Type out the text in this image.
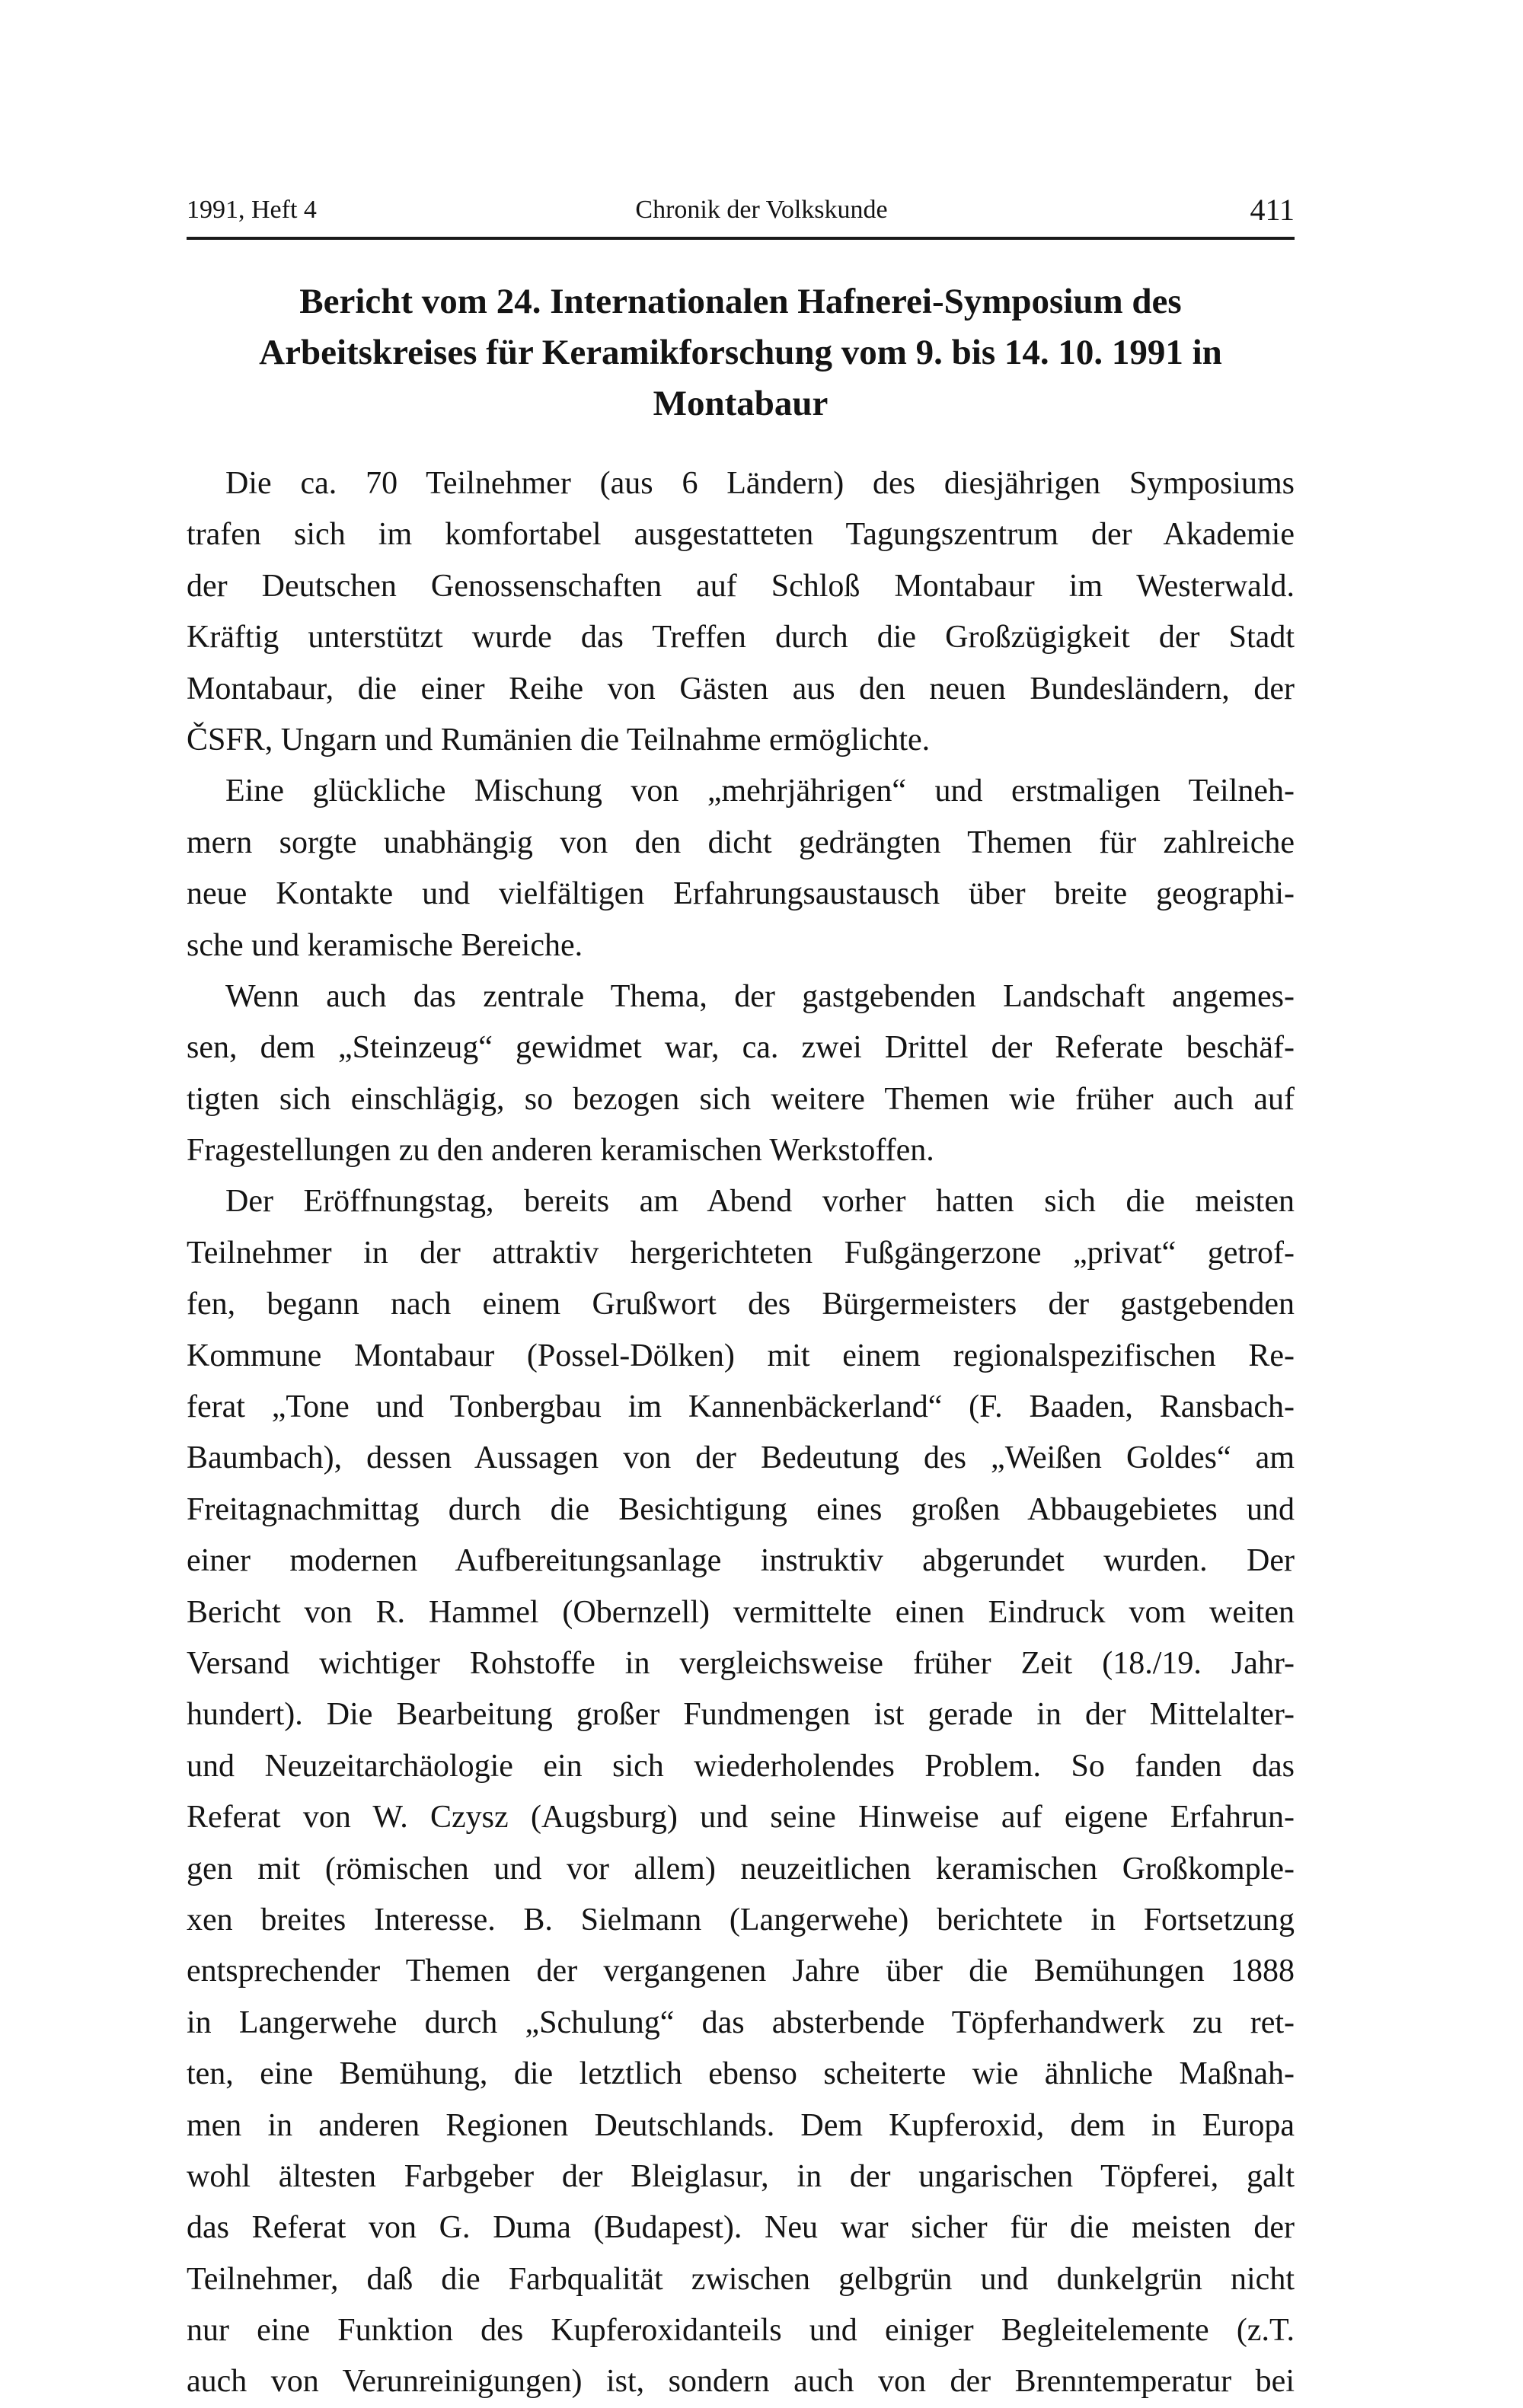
1991, Heft 4	Chronik der Volkskunde	411
Bericht vom 24. Internationalen Hafnerei-Symposium des
Arbeitskreises für Keramikforschung vom 9. bis 14. 10. 1991 in
Montabaur
Die ca. 70 Teilnehmer (aus 6 Ländern) des diesjährigen Symposiums
trafen sich im komfortabel ausgestatteten Tagungszentrum der Akademie
der Deutschen Genossenschaften auf Schloß Montabaur im Westerwald.
Kräftig unterstützt wurde das Treffen durch die Großzügigkeit der Stadt
Montabaur, die einer Reihe von Gästen aus den neuen Bundesländern, der
ČSFR, Ungarn und Rumänien die Teilnahme ermöglichte.
Eine glückliche Mischung von „mehrjährigen“ und erstmaligen Teilneh-
mern sorgte unabhängig von den dicht gedrängten Themen für zahlreiche
neue Kontakte und vielfältigen Erfahrungsaustausch über breite geographi-
sche und keramische Bereiche.
Wenn auch das zentrale Thema, der gastgebenden Landschaft angemes-
sen, dem „Steinzeug“ gewidmet war, ca. zwei Drittel der Referate beschäf-
tigten sich einschlägig, so bezogen sich weitere Themen wie früher auch auf
Fragestellungen zu den anderen keramischen Werkstoffen.
Der Eröffnungstag, bereits am Abend vorher hatten sich die meisten
Teilnehmer in der attraktiv hergerichteten Fußgängerzone „privat“ getrof-
fen, begann nach einem Grußwort des Bürgermeisters der gastgebenden
Kommune Montabaur (Possel-Dölken) mit einem regionalspezifischen Re-
ferat „Tone und Tonbergbau im Kannenbäckerland“ (F. Baaden, Ransbach-
Baumbach), dessen Aussagen von der Bedeutung des „Weißen Goldes“ am
Freitagnachmittag durch die Besichtigung eines großen Abbaugebietes und
einer modernen Aufbereitungsanlage instruktiv abgerundet wurden. Der
Bericht von R. Hammel (Obernzell) vermittelte einen Eindruck vom weiten
Versand wichtiger Rohstoffe in vergleichsweise früher Zeit (18./19. Jahr-
hundert). Die Bearbeitung großer Fundmengen ist gerade in der Mittelalter-
und Neuzeitarchäologie ein sich wiederholendes Problem. So fanden das
Referat von W. Czysz (Augsburg) und seine Hinweise auf eigene Erfahrun-
gen mit (römischen und vor allem) neuzeitlichen keramischen Großkomple-
xen breites Interesse. B. Sielmann (Langerwehe) berichtete in Fortsetzung
entsprechender Themen der vergangenen Jahre über die Bemühungen 1888
in Langerwehe durch „Schulung“ das absterbende Töpferhandwerk zu ret-
ten, eine Bemühung, die letztlich ebenso scheiterte wie ähnliche Maßnah-
men in anderen Regionen Deutschlands. Dem Kupferoxid, dem in Europa
wohl ältesten Farbgeber der Bleiglasur, in der ungarischen Töpferei, galt
das Referat von G. Duma (Budapest). Neu war sicher für die meisten der
Teilnehmer, daß die Farbqualität zwischen gelbgrün und dunkelgrün nicht
nur eine Funktion des Kupferoxidanteils und einiger Begleitelemente (z.T.
auch von Verunreinigungen) ist, sondern auch von der Brenntemperatur bei
